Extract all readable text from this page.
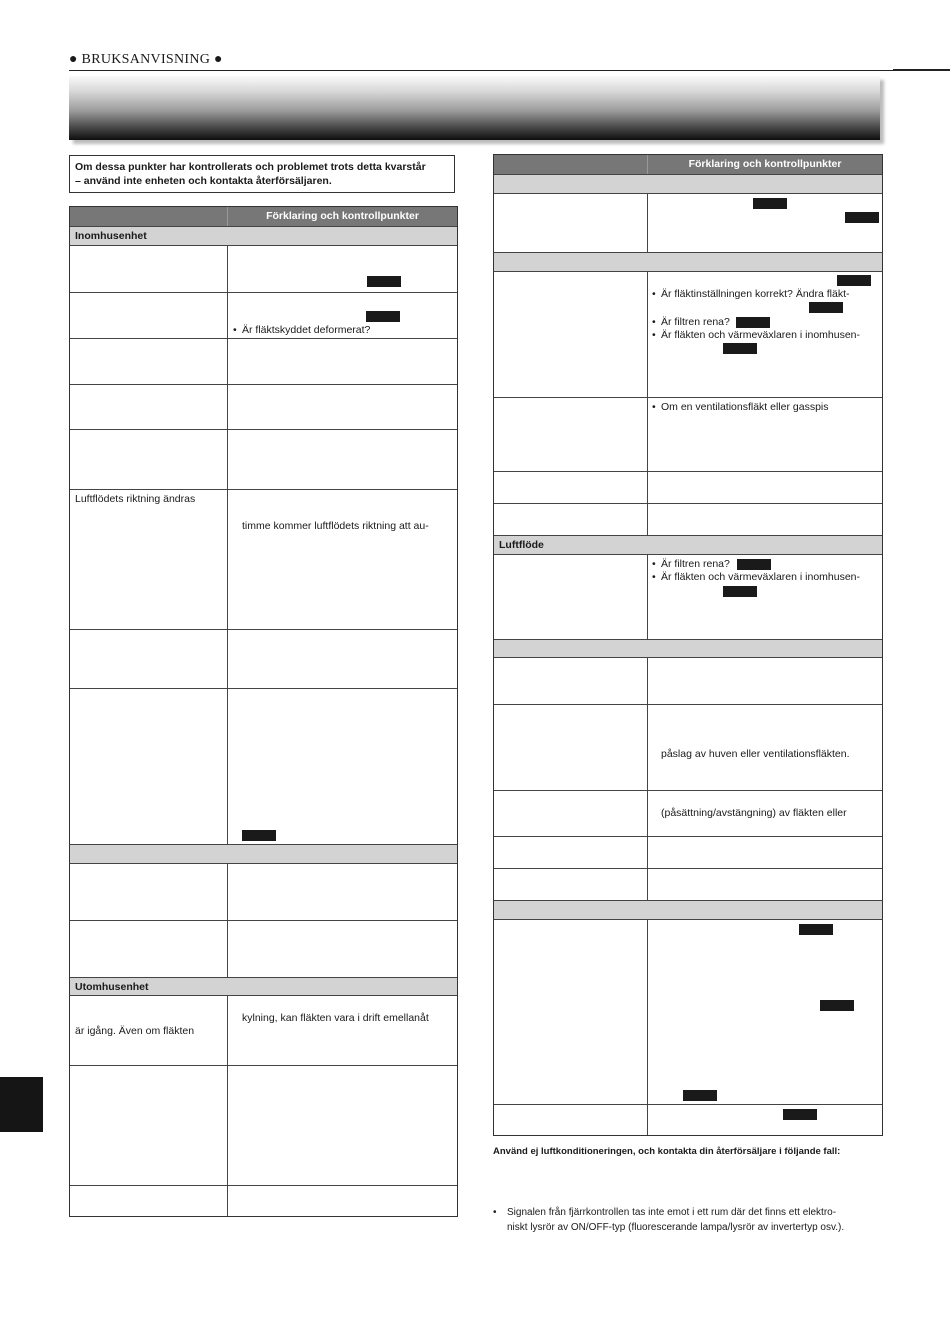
● BRUKSANVISNING ●
Om dessa punkter har kontrollerats och problemet trots detta kvarstår
– använd inte enheten och kontakta återförsäljaren.
Förklaring och kontrollpunkter
Inomhusenhet
• Är fläktskyddet deformerat?
Luftflödets riktning ändras
timme kommer luftflödets riktning att au-
Utomhusenhet
är igång. Även om fläkten
kylning, kan fläkten vara i drift emellanåt
Förklaring och kontrollpunkter
• Är fläktinställningen korrekt? Ändra fläkt-
• Är filtren rena?
• Är fläkten och värmeväxlaren i inomhusen-
• Om en ventilationsfläkt eller gasspis
Luftflöde
• Är filtren rena?
• Är fläkten och värmeväxlaren i inomhusen-
påslag av huven eller ventilationsfläkten.
(påsättning/avstängning) av fläkten eller
Använd ej luftkonditioneringen, och kontakta din återförsäljare i följande fall:
• Signalen från fjärrkontrollen tas inte emot i ett rum där det finns ett elektro-
niskt lysrör av ON/OFF-typ (fluorescerande lampa/lysrör av invertertyp osv.).
